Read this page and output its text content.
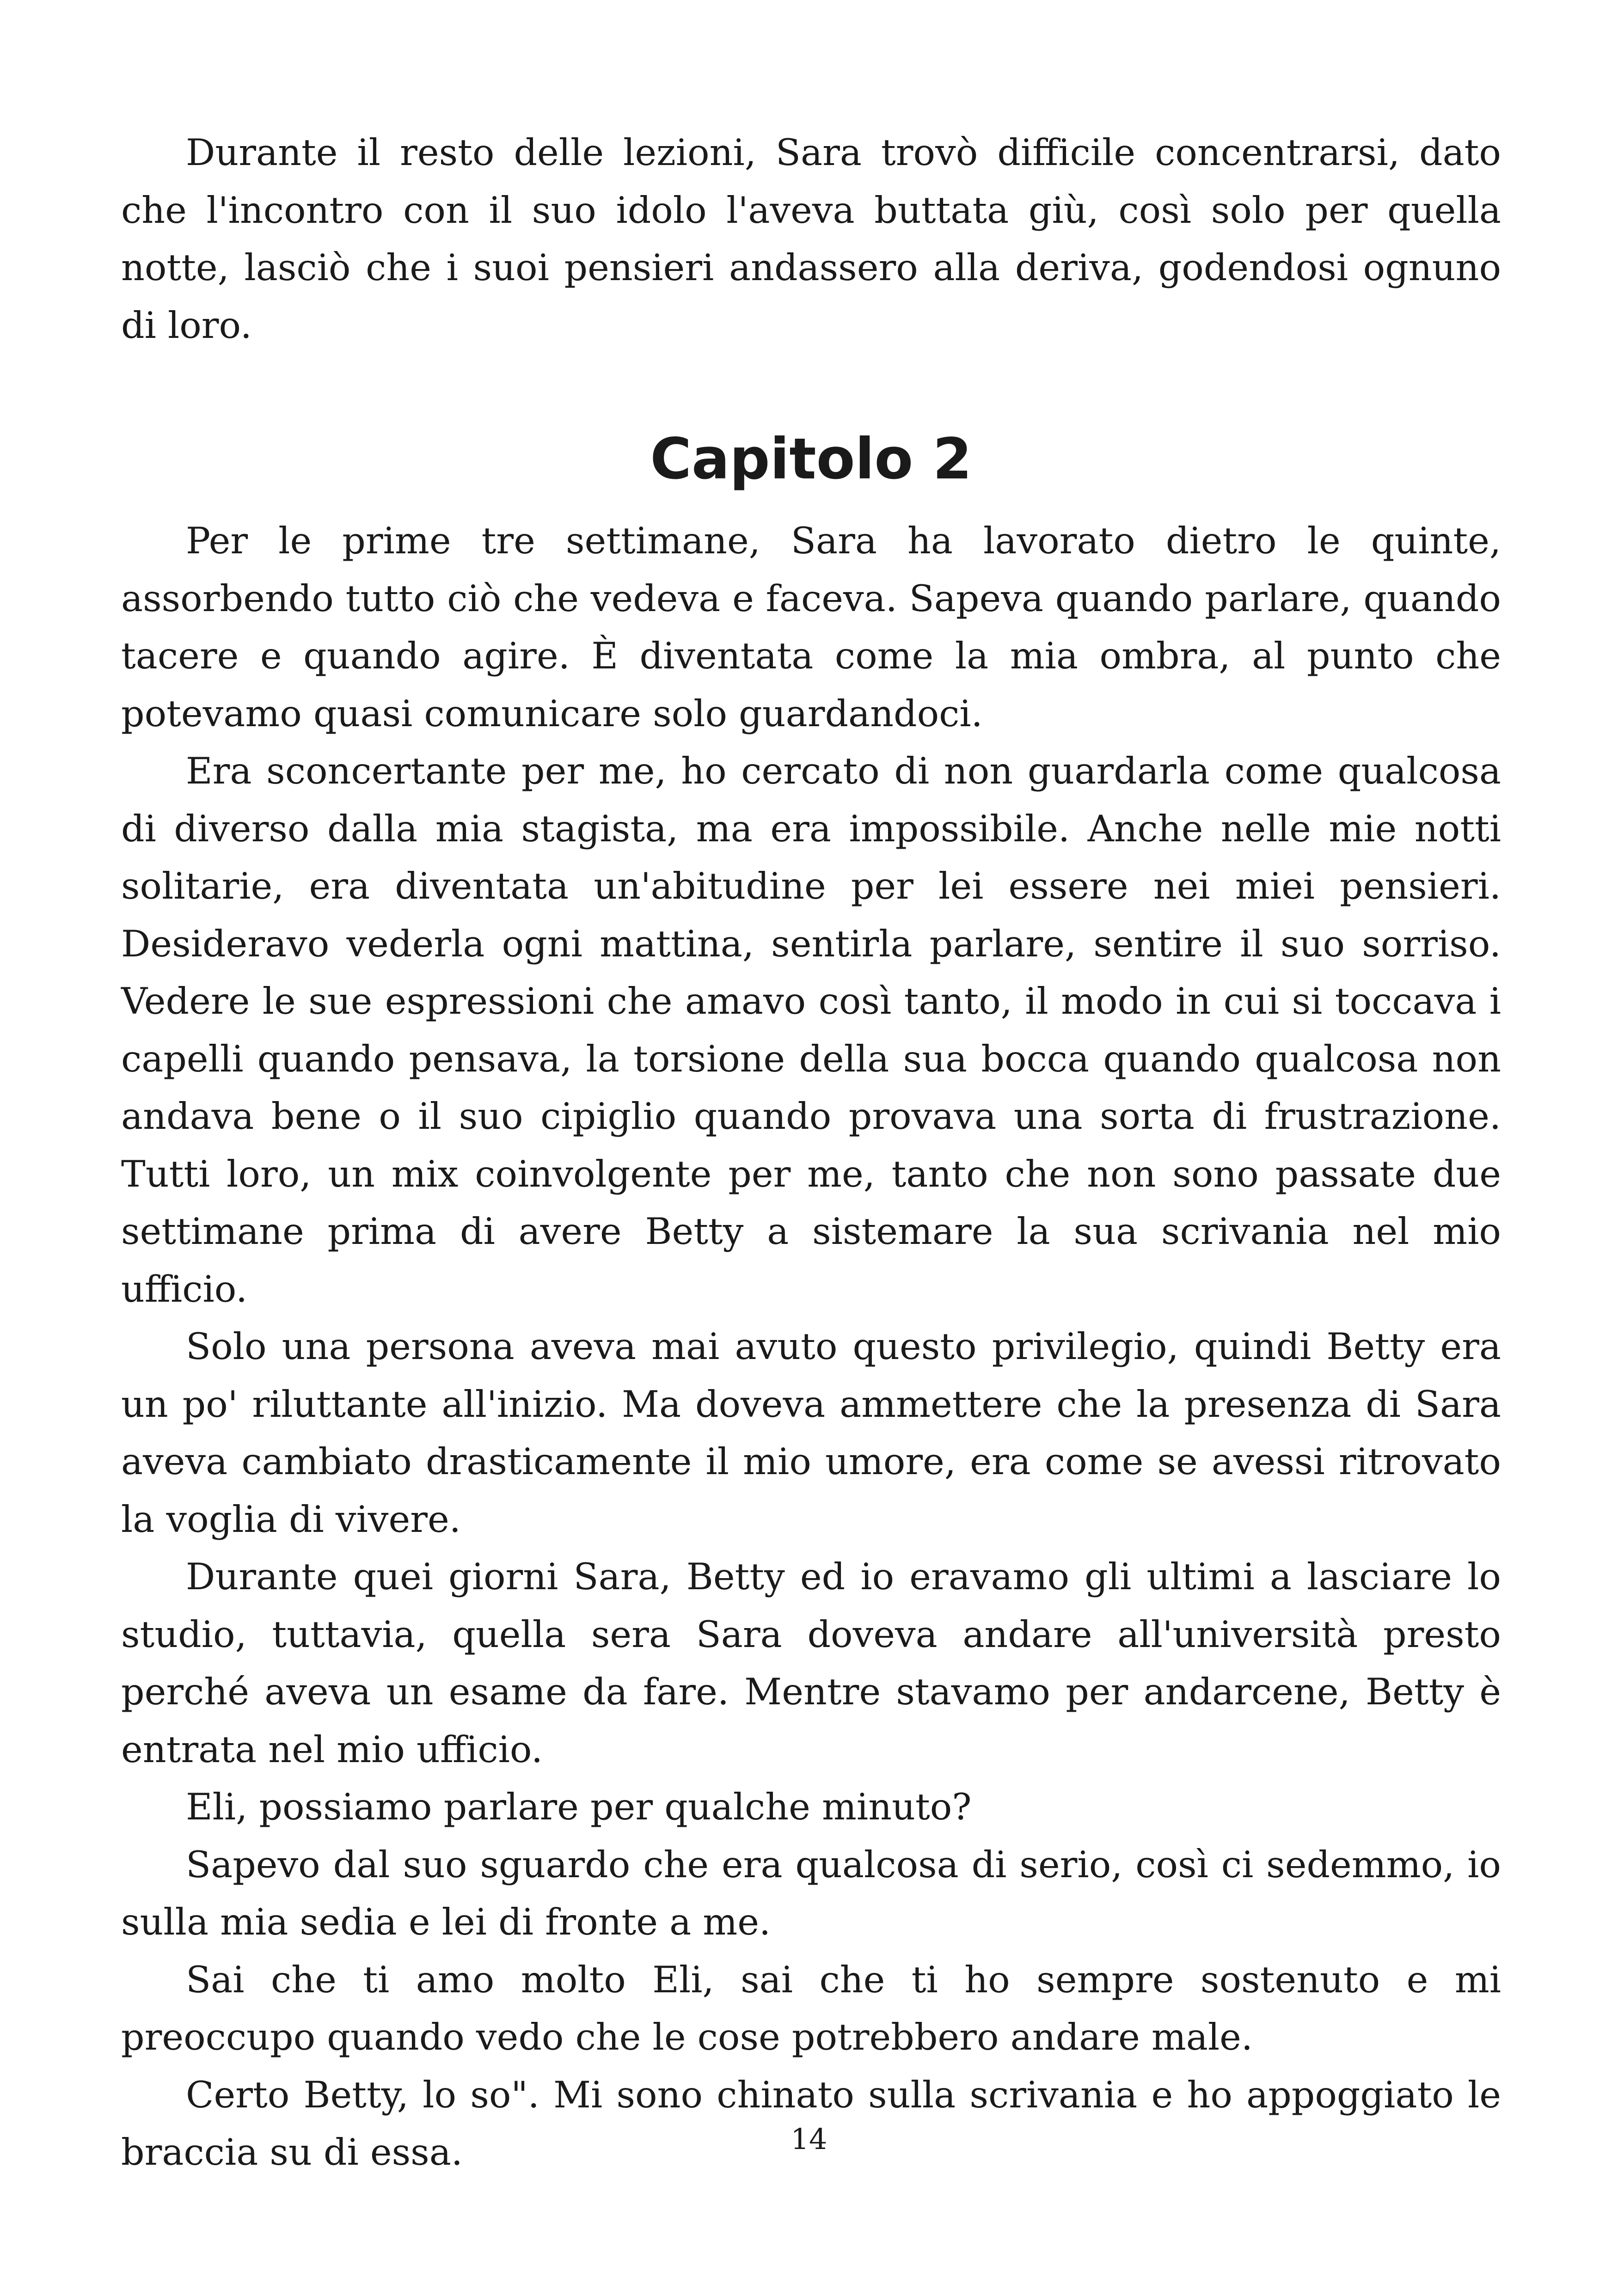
Durante il resto delle lezioni, Sara trovò difficile concentrarsi, dato che l'incontro con il suo idolo l'aveva buttata giù, così solo per quella notte, lasciò che i suoi pensieri andassero alla deriva, godendosi ognuno di loro.

Capitolo 2

Per le prime tre settimane, Sara ha lavorato dietro le quinte, assorbendo tutto ciò che vedeva e faceva. Sapeva quando parlare, quando tacere e quando agire. È diventata come la mia ombra, al punto che potevamo quasi comunicare solo guardandoci.

Era sconcertante per me, ho cercato di non guardarla come qualcosa di diverso dalla mia stagista, ma era impossibile. Anche nelle mie notti solitarie, era diventata un'abitudine per lei essere nei miei pensieri. Desideravo vederla ogni mattina, sentirla parlare, sentire il suo sorriso. Vedere le sue espressioni che amavo così tanto, il modo in cui si toccava i capelli quando pensava, la torsione della sua bocca quando qualcosa non andava bene o il suo cipiglio quando provava una sorta di frustrazione. Tutti loro, un mix coinvolgente per me, tanto che non sono passate due settimane prima di avere Betty a sistemare la sua scrivania nel mio ufficio.

Solo una persona aveva mai avuto questo privilegio, quindi Betty era un po' riluttante all'inizio. Ma doveva ammettere che la presenza di Sara aveva cambiato drasticamente il mio umore, era come se avessi ritrovato la voglia di vivere.

Durante quei giorni Sara, Betty ed io eravamo gli ultimi a lasciare lo studio, tuttavia, quella sera Sara doveva andare all'università presto perché aveva un esame da fare. Mentre stavamo per andarcene, Betty è entrata nel mio ufficio.

Eli, possiamo parlare per qualche minuto?

Sapevo dal suo sguardo che era qualcosa di serio, così ci sedemmo, io sulla mia sedia e lei di fronte a me.

Sai che ti amo molto Eli, sai che ti ho sempre sostenuto e mi preoccupo quando vedo che le cose potrebbero andare male.

Certo Betty, lo so". Mi sono chinato sulla scrivania e ho appoggiato le braccia su di essa.	14
